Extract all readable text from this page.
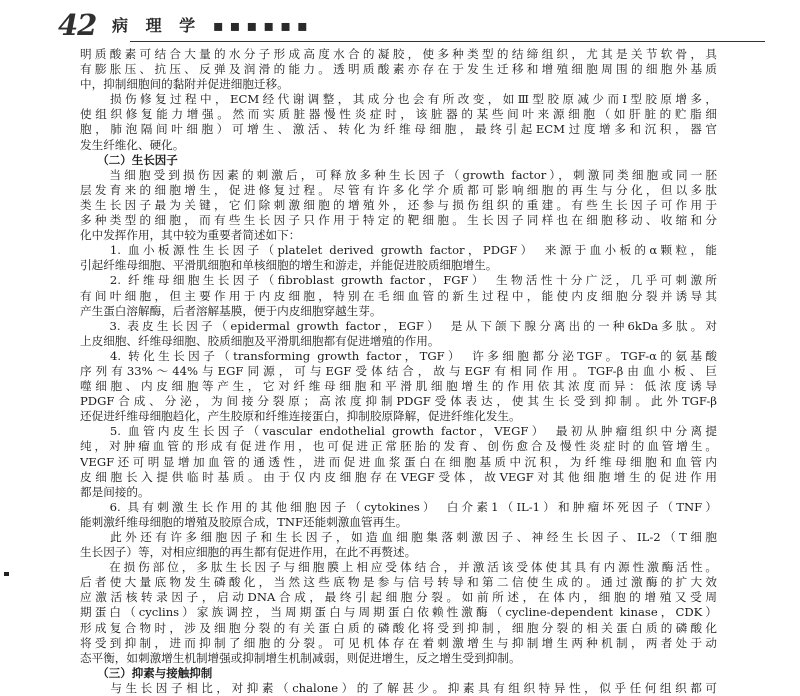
42 病 理 学 ▪▪▪▪▪▪
明质酸素可结合大量的水分子形成高度水合的凝胶，使多种类型的结缔组织，尤其是关节软骨，具
有膨胀压、抗压、反弹及润滑的能力。透明质酸素亦存在于发生迁移和增殖细胞周围的细胞外基质
中，抑制细胞间的黏附并促进细胞迁移。
　　损伤修复过程中，ECM经代谢调整，其成分也会有所改变，如Ⅲ型胶原减少而Ⅰ型胶原增多，
使组织修复能力增强。然而实质脏器慢性炎症时，该脏器的某些间叶来源细胞（如肝脏的贮脂细
胞，肺泡隔间叶细胞）可增生、激活、转化为纤维母细胞，最终引起ECM过度增多和沉积，器官
发生纤维化、硬化。
　　（二）生长因子
　　当细胞受到损伤因素的刺激后，可释放多种生长因子（growth factor），刺激同类细胞或同一胚
层发育来的细胞增生，促进修复过程。尽管有许多化学介质都可影响细胞的再生与分化，但以多肽
类生长因子最为关键，它们除刺激细胞的增殖外，还参与损伤组织的重建。有些生长因子可作用于
多种类型的细胞，而有些生长因子只作用于特定的靶细胞。生长因子同样也在细胞移动、收缩和分
化中发挥作用，其中较为重要者简述如下：
　　1. 血小板源性生长因子（platelet derived growth factor，PDGF）　来源于血小板的α颗粒，能
引起纤维母细胞、平滑肌细胞和单核细胞的增生和游走，并能促进胶质细胞增生。
　　2. 纤维母细胞生长因子（fibroblast growth factor，FGF）　生物活性十分广泛，几乎可刺激所
有间叶细胞，但主要作用于内皮细胞，特别在毛细血管的新生过程中，能使内皮细胞分裂并诱导其
产生蛋白溶解酶，后者溶解基膜，便于内皮细胞穿越生芽。
　　3. 表皮生长因子（epidermal growth factor，EGF）　是从下颌下腺分离出的一种6kDa多肽。对
上皮细胞、纤维母细胞、胶质细胞及平滑肌细胞都有促进增殖的作用。
　　4. 转化生长因子（transforming growth factor，TGF）　许多细胞都分泌TGF。TGF-α的氨基酸
序列有33%～44%与EGF同源，可与EGF受体结合，故与EGF有相同作用。TGF-β由血小板、巨
噬细胞、内皮细胞等产生，它对纤维母细胞和平滑肌细胞增生的作用依其浓度而异：低浓度诱导
PDGF合成、分泌，为间接分裂原；高浓度抑制PDGF受体表达，使其生长受到抑制。此外TGF-β
还促进纤维母细胞趋化，产生胶原和纤维连接蛋白，抑制胶原降解，促进纤维化发生。
　　5. 血管内皮生长因子（vascular endothelial growth factor，VEGF）　最初从肿瘤组织中分离提
纯，对肿瘤血管的形成有促进作用，也可促进正常胚胎的发育、创伤愈合及慢性炎症时的血管增生。
VEGF还可明显增加血管的通透性，进而促进血浆蛋白在细胞基质中沉积，为纤维母细胞和血管内
皮细胞长入提供临时基质。由于仅内皮细胞存在VEGF受体，故VEGF对其他细胞增生的促进作用
都是间接的。
　　6. 具有刺激生长作用的其他细胞因子（cytokines）　白介素1（IL-1）和肿瘤坏死因子（TNF）
能刺激纤维母细胞的增殖及胶原合成，TNF还能刺激血管再生。
　　此外还有许多细胞因子和生长因子，如造血细胞集落刺激因子、神经生长因子、IL-2（T细胞
生长因子）等，对相应细胞的再生都有促进作用，在此不再赘述。
　　在损伤部位，多肽生长因子与细胞膜上相应受体结合，并激活该受体使其具有内源性激酶活性。
后者使大量底物发生磷酸化，当然这些底物是参与信号转导和第二信使生成的。通过激酶的扩大效
应激活核转录因子，启动DNA合成，最终引起细胞分裂。如前所述，在体内，细胞的增殖又受周
期蛋白（cyclins）家族调控，当周期蛋白与周期蛋白依赖性激酶（cycline-dependent kinase，CDK）
形成复合物时，涉及细胞分裂的有关蛋白质的磷酸化将受到抑制，细胞分裂的相关蛋白质的磷酸化
将受到抑制，进而抑制了细胞的分裂。可见机体存在着刺激增生与抑制增生两种机制，两者处于动
态平衡，如刺激增生机制增强或抑制增生机制减弱，则促进增生，反之增生受到抑制。
　　（三）抑素与接触抑制
　　与生长因子相比，对抑素（chalone）的了解甚少。抑素具有组织特异性，似乎任何组织都可
